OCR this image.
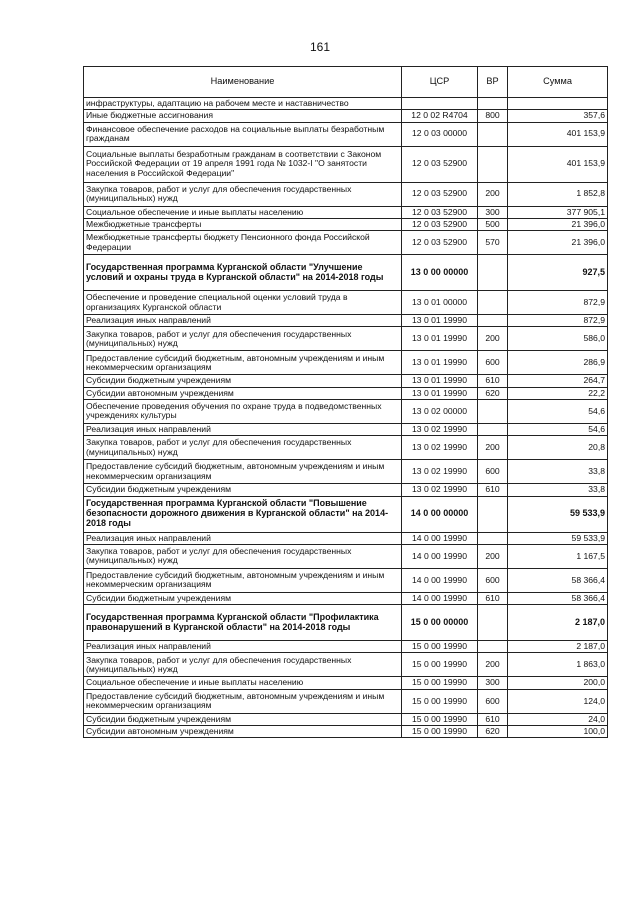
161
Наименование	ЦСР	ВР	Сумма
инфраструктуры, адаптацию на рабочем месте и наставничество			
Иные бюджетные ассигнования	12 0 02 R4704	800	357,6
Финансовое обеспечение расходов на социальные выплаты безработным гражданам	12 0 03 00000		401 153,9
Социальные выплаты безработным гражданам в соответствии с Законом Российской Федерации от 19 апреля 1991 года № 1032-I "О занятости населения в Российской Федерации"	12 0 03 52900		401 153,9
Закупка товаров, работ и услуг для обеспечения государственных (муниципальных) нужд	12 0 03 52900	200	1 852,8
Социальное обеспечение и иные выплаты населению	12 0 03 52900	300	377 905,1
Межбюджетные трансферты	12 0 03 52900	500	21 396,0
Межбюджетные трансферты бюджету Пенсионного фонда Российской Федерации	12 0 03 52900	570	21 396,0
Государственная программа Курганской области "Улучшение условий и охраны труда в Курганской области" на 2014-2018 годы	13 0 00 00000		927,5
Обеспечение и проведение специальной оценки условий труда в организациях Курганской области	13 0 01 00000		872,9
Реализация иных направлений	13 0 01 19990		872,9
Закупка товаров, работ и услуг для обеспечения государственных (муниципальных) нужд	13 0 01 19990	200	586,0
Предоставление субсидий бюджетным, автономным учреждениям и иным некоммерческим организациям	13 0 01 19990	600	286,9
Субсидии бюджетным учреждениям	13 0 01 19990	610	264,7
Субсидии автономным учреждениям	13 0 01 19990	620	22,2
Обеспечение проведения обучения по охране труда в подведомственных учреждениях культуры	13 0 02 00000		54,6
Реализация иных направлений	13 0 02 19990		54,6
Закупка товаров, работ и услуг для обеспечения государственных (муниципальных) нужд	13 0 02 19990	200	20,8
Предоставление субсидий бюджетным, автономным учреждениям и иным некоммерческим организациям	13 0 02 19990	600	33,8
Субсидии бюджетным учреждениям	13 0 02 19990	610	33,8
Государственная программа Курганской области "Повышение безопасности дорожного движения в Курганской области" на 2014-2018 годы	14 0 00 00000		59 533,9
Реализация иных направлений	14 0 00 19990		59 533,9
Закупка товаров, работ и услуг для обеспечения государственных (муниципальных) нужд	14 0 00 19990	200	1 167,5
Предоставление субсидий бюджетным, автономным учреждениям и иным некоммерческим организациям	14 0 00 19990	600	58 366,4
Субсидии бюджетным учреждениям	14 0 00 19990	610	58 366,4
Государственная программа Курганской области "Профилактика правонарушений в Курганской области" на 2014-2018 годы	15 0 00 00000		2 187,0
Реализация иных направлений	15 0 00 19990		2 187,0
Закупка товаров, работ и услуг для обеспечения государственных (муниципальных) нужд	15 0 00 19990	200	1 863,0
Социальное обеспечение и иные выплаты населению	15 0 00 19990	300	200,0
Предоставление субсидий бюджетным, автономным учреждениям и иным некоммерческим организациям	15 0 00 19990	600	124,0
Субсидии бюджетным учреждениям	15 0 00 19990	610	24,0
Субсидии автономным учреждениям	15 0 00 19990	620	100,0
